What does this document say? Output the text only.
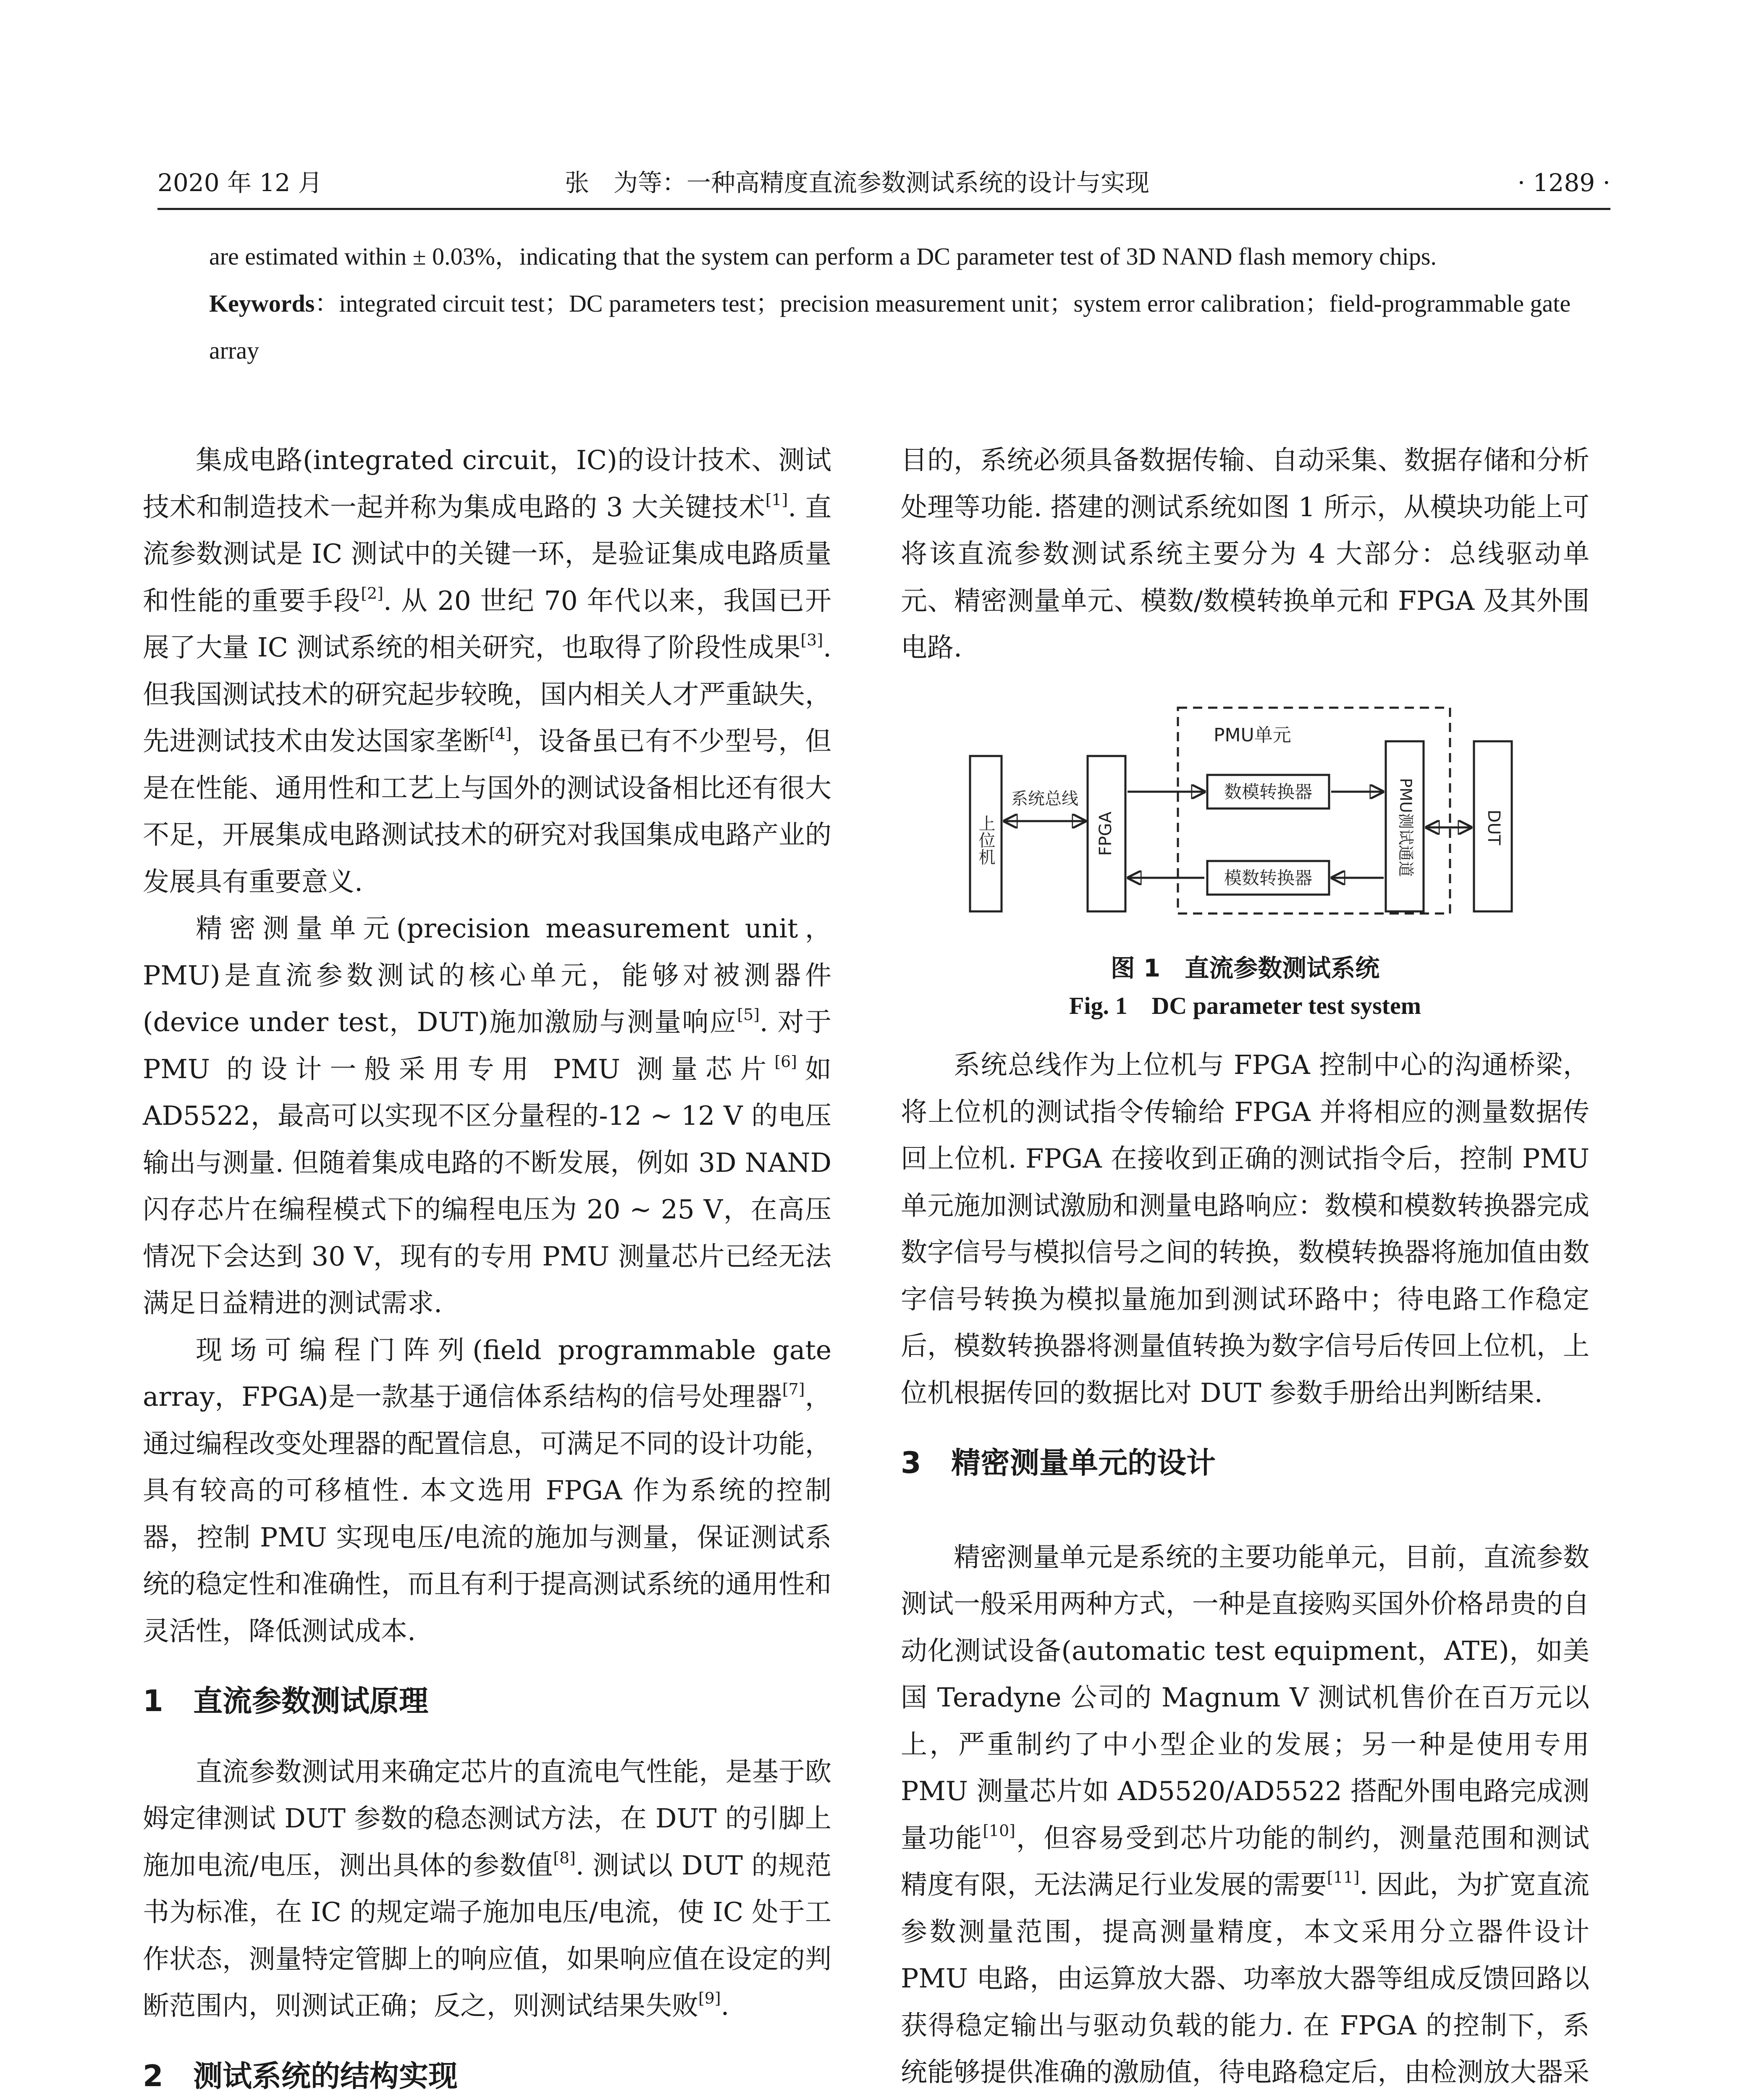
2020 年 12 月	张　为等：一种高精度直流参数测试系统的设计与实现	· 1289 ·

are estimated within ± 0.03%，indicating that the system can perform a DC parameter test of 3D NAND flash memory chips.

Keywords：integrated circuit test；DC parameters test；precision measurement unit；system error calibration；field-programmable gate array

集成电路(integrated circuit，IC)的设计技术、测试技术和制造技术一起并称为集成电路的 3 大关键技术[1]. 直流参数测试是 IC 测试中的关键一环，是验证集成电路质量和性能的重要手段[2]. 从 20 世纪 70 年代以来，我国已开展了大量 IC 测试系统的相关研究，也取得了阶段性成果[3]. 但我国测试技术的研究起步较晚，国内相关人才严重缺失，先进测试技术由发达国家垄断[4]，设备虽已有不少型号，但是在性能、通用性和工艺上与国外的测试设备相比还有很大不足，开展集成电路测试技术的研究对我国集成电路产业的发展具有重要意义.

精密测量单元(precision measurement unit，PMU)是直流参数测试的核心单元，能够对被测器件(device under test，DUT)施加激励与测量响应[5]. 对于 PMU 的设计一般采用专用 PMU 测量芯片[6]如 AD5522，最高可以实现不区分量程的-12 ~ 12 V 的电压输出与测量. 但随着集成电路的不断发展，例如 3D NAND 闪存芯片在编程模式下的编程电压为 20 ~ 25 V，在高压情况下会达到 30 V，现有的专用 PMU 测量芯片已经无法满足日益精进的测试需求.

现场可编程门阵列(field programmable gate array，FPGA)是一款基于通信体系结构的信号处理器[7]，通过编程改变处理器的配置信息，可满足不同的设计功能，具有较高的可移植性. 本文选用 FPGA 作为系统的控制器，控制 PMU 实现电压/电流的施加与测量，保证测试系统的稳定性和准确性，而且有利于提高测试系统的通用性和灵活性，降低测试成本.

1 直流参数测试原理

直流参数测试用来确定芯片的直流电气性能，是基于欧姆定律测试 DUT 参数的稳态测试方法，在 DUT 的引脚上施加电流/电压，测出具体的参数值[8]. 测试以 DUT 的规范书为标准，在 IC 的规定端子施加电压/电流，使 IC 处于工作状态，测量特定管脚上的响应值，如果响应值在设定的判断范围内，则测试正确；反之，则测试结果失败[9].

2 测试系统的结构实现

目的，系统必须具备数据传输、自动采集、数据存储和分析处理等功能. 搭建的测试系统如图 1 所示，从模块功能上可将该直流参数测试系统主要分为 4 大部分：总线驱动单元、精密测量单元、模数/数模转换单元和 FPGA 及其外围电路.

PMU单元
上位机	FPGA
系统总线	数模转换器
模数转换器
PMU测试通道	DUT
图 1　直流参数测试系统
Fig. 1　DC parameter test system

系统总线作为上位机与 FPGA 控制中心的沟通桥梁，将上位机的测试指令传输给 FPGA 并将相应的测量数据传回上位机. FPGA 在接收到正确的测试指令后，控制 PMU 单元施加测试激励和测量电路响应：数模和模数转换器完成数字信号与模拟信号之间的转换，数模转换器将施加值由数字信号转换为模拟量施加到测试环路中；待电路工作稳定后，模数转换器将测量值转换为数字信号后传回上位机，上位机根据传回的数据比对 DUT 参数手册给出判断结果.

3 精密测量单元的设计

精密测量单元是系统的主要功能单元，目前，直流参数测试一般采用两种方式，一种是直接购买国外价格昂贵的自动化测试设备(automatic test equipment，ATE)，如美国 Teradyne 公司的 Magnum V 测试机售价在百万元以上，严重制约了中小型企业的发展；另一种是使用专用 PMU 测量芯片如 AD5520/AD5522 搭配外围电路完成测量功能[10]，但容易受到芯片功能的制约，测量范围和测试精度有限，无法满足行业发展的需要[11]. 因此，为扩宽直流参数测量范围，提高测量精度，本文采用分立器件设计 PMU 电路，由运算放大器、功率放大器等组成反馈回路以获得稳定输出与驱动负载的能力. 在 FPGA 的控制下，系统能够提供准确的激励值，待电路稳定后，由检测放大器采
